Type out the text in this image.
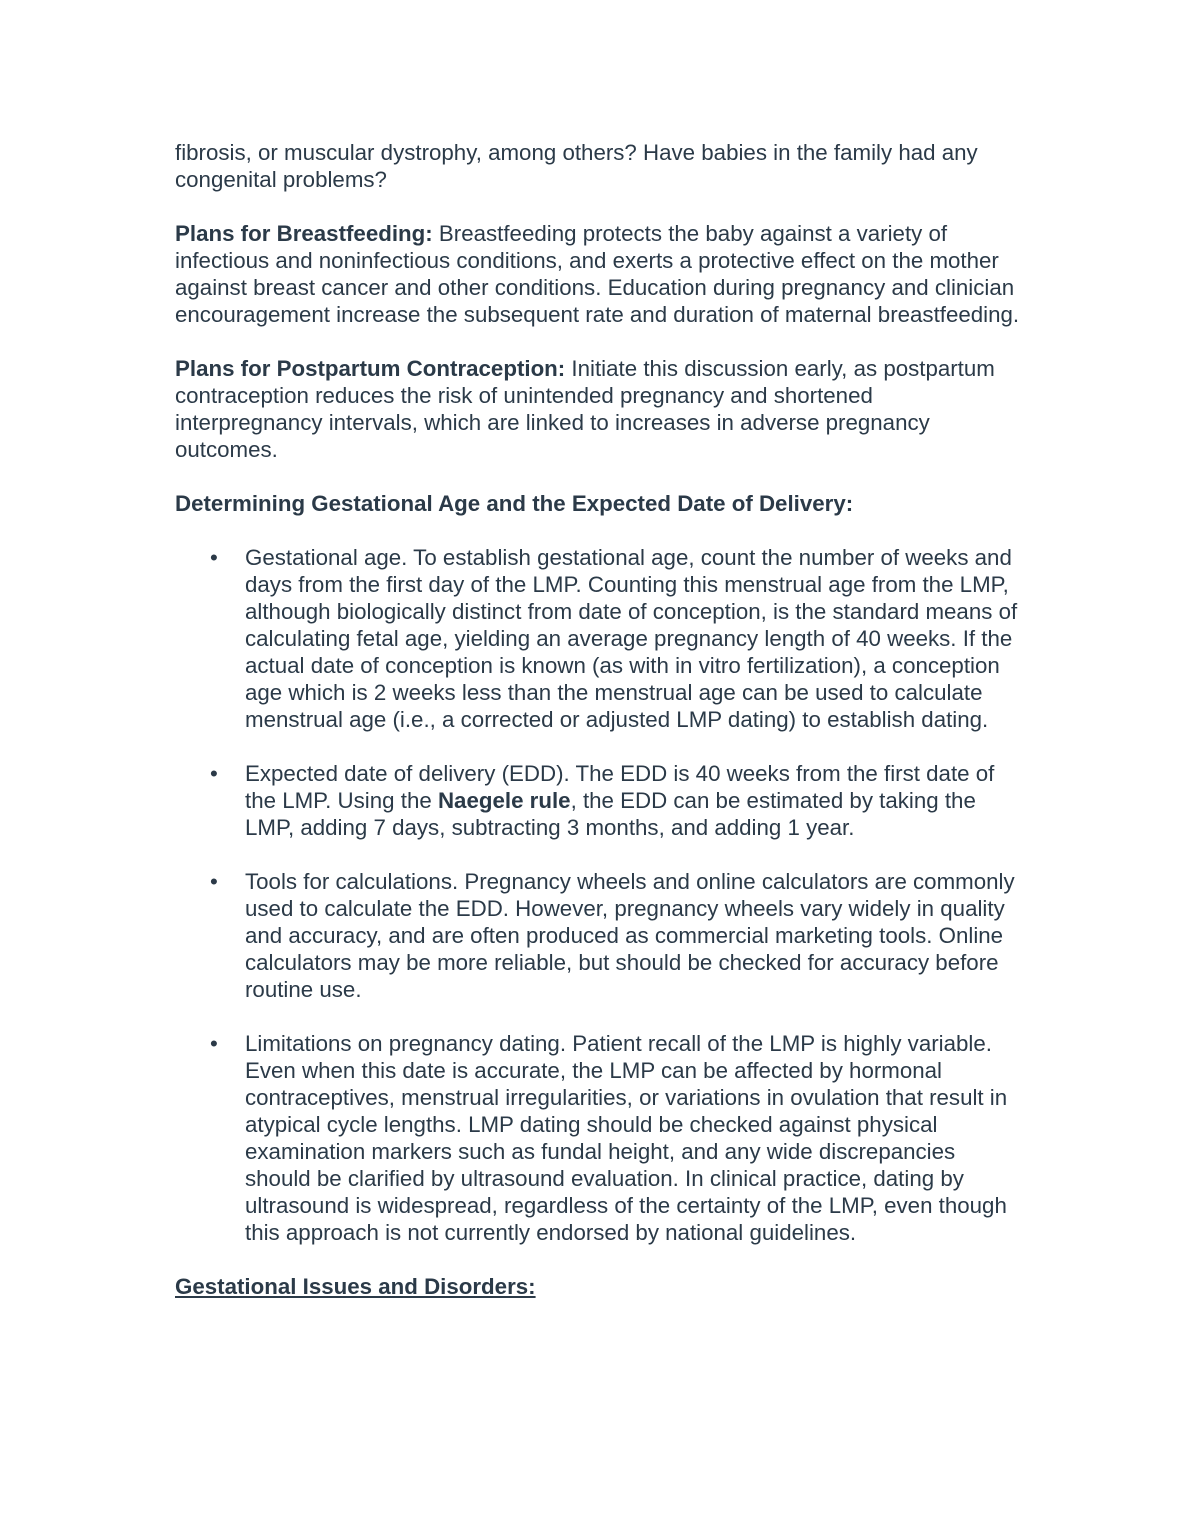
fibrosis, or muscular dystrophy, among others? Have babies in the family had any congenital problems?

Plans for Breastfeeding: Breastfeeding protects the baby against a variety of infectious and noninfectious conditions, and exerts a protective effect on the mother against breast cancer and other conditions. Education during pregnancy and clinician encouragement increase the subsequent rate and duration of maternal breastfeeding.

Plans for Postpartum Contraception: Initiate this discussion early, as postpartum contraception reduces the risk of unintended pregnancy and shortened interpregnancy intervals, which are linked to increases in adverse pregnancy outcomes.

Determining Gestational Age and the Expected Date of Delivery:

• Gestational age. To establish gestational age, count the number of weeks and days from the first day of the LMP. Counting this menstrual age from the LMP, although biologically distinct from date of conception, is the standard means of calculating fetal age, yielding an average pregnancy length of 40 weeks. If the actual date of conception is known (as with in vitro fertilization), a conception age which is 2 weeks less than the menstrual age can be used to calculate menstrual age (i.e., a corrected or adjusted LMP dating) to establish dating.
• Expected date of delivery (EDD). The EDD is 40 weeks from the first date of the LMP. Using the Naegele rule, the EDD can be estimated by taking the LMP, adding 7 days, subtracting 3 months, and adding 1 year.
• Tools for calculations. Pregnancy wheels and online calculators are commonly used to calculate the EDD. However, pregnancy wheels vary widely in quality and accuracy, and are often produced as commercial marketing tools. Online calculators may be more reliable, but should be checked for accuracy before routine use.
• Limitations on pregnancy dating. Patient recall of the LMP is highly variable. Even when this date is accurate, the LMP can be affected by hormonal contraceptives, menstrual irregularities, or variations in ovulation that result in atypical cycle lengths. LMP dating should be checked against physical examination markers such as fundal height, and any wide discrepancies should be clarified by ultrasound evaluation. In clinical practice, dating by ultrasound is widespread, regardless of the certainty of the LMP, even though this approach is not currently endorsed by national guidelines.

Gestational Issues and Disorders:
